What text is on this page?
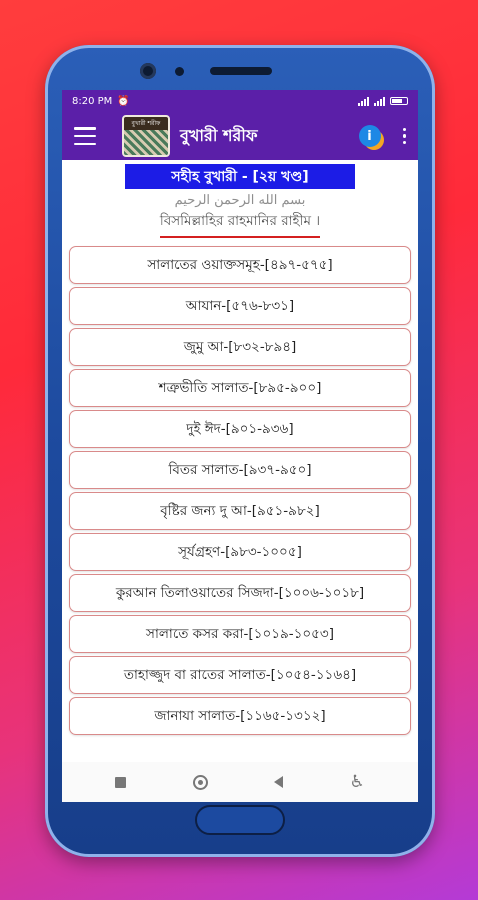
8:20 PM ⏰
বুখারী শরীফ
বুখারী শরীফ	i
সহীহ বুখারী - [২য় খণ্ড]
بسم الله الرحمن الرحيم
বিসমিল্লাহির রাহমানির রাহীম ।
সালাতের ওয়াক্তসমূহ-[৪৯৭-৫৭৫]
আযান-[৫৭৬-৮৩১]
জুমু আ-[৮৩২-৮৯৪]
শত্রুভীতি সালাত-[৮৯৫-৯০০]
দুই ঈদ-[৯০১-৯৩৬]
বিতর সালাত-[৯৩৭-৯৫০]
বৃষ্টির জন্য দু আ-[৯৫১-৯৮২]
সূর্যগ্রহণ-[৯৮৩-১০০৫]
কুরআন তিলাওয়াতের সিজদা-[১০০৬-১০১৮]
সালাতে কসর করা-[১০১৯-১০৫৩]
তাহাজ্জুদ বা রাতের সালাত-[১০৫৪-১১৬৪]
জানাযা সালাত-[১১৬৫-১৩১২]
♿
